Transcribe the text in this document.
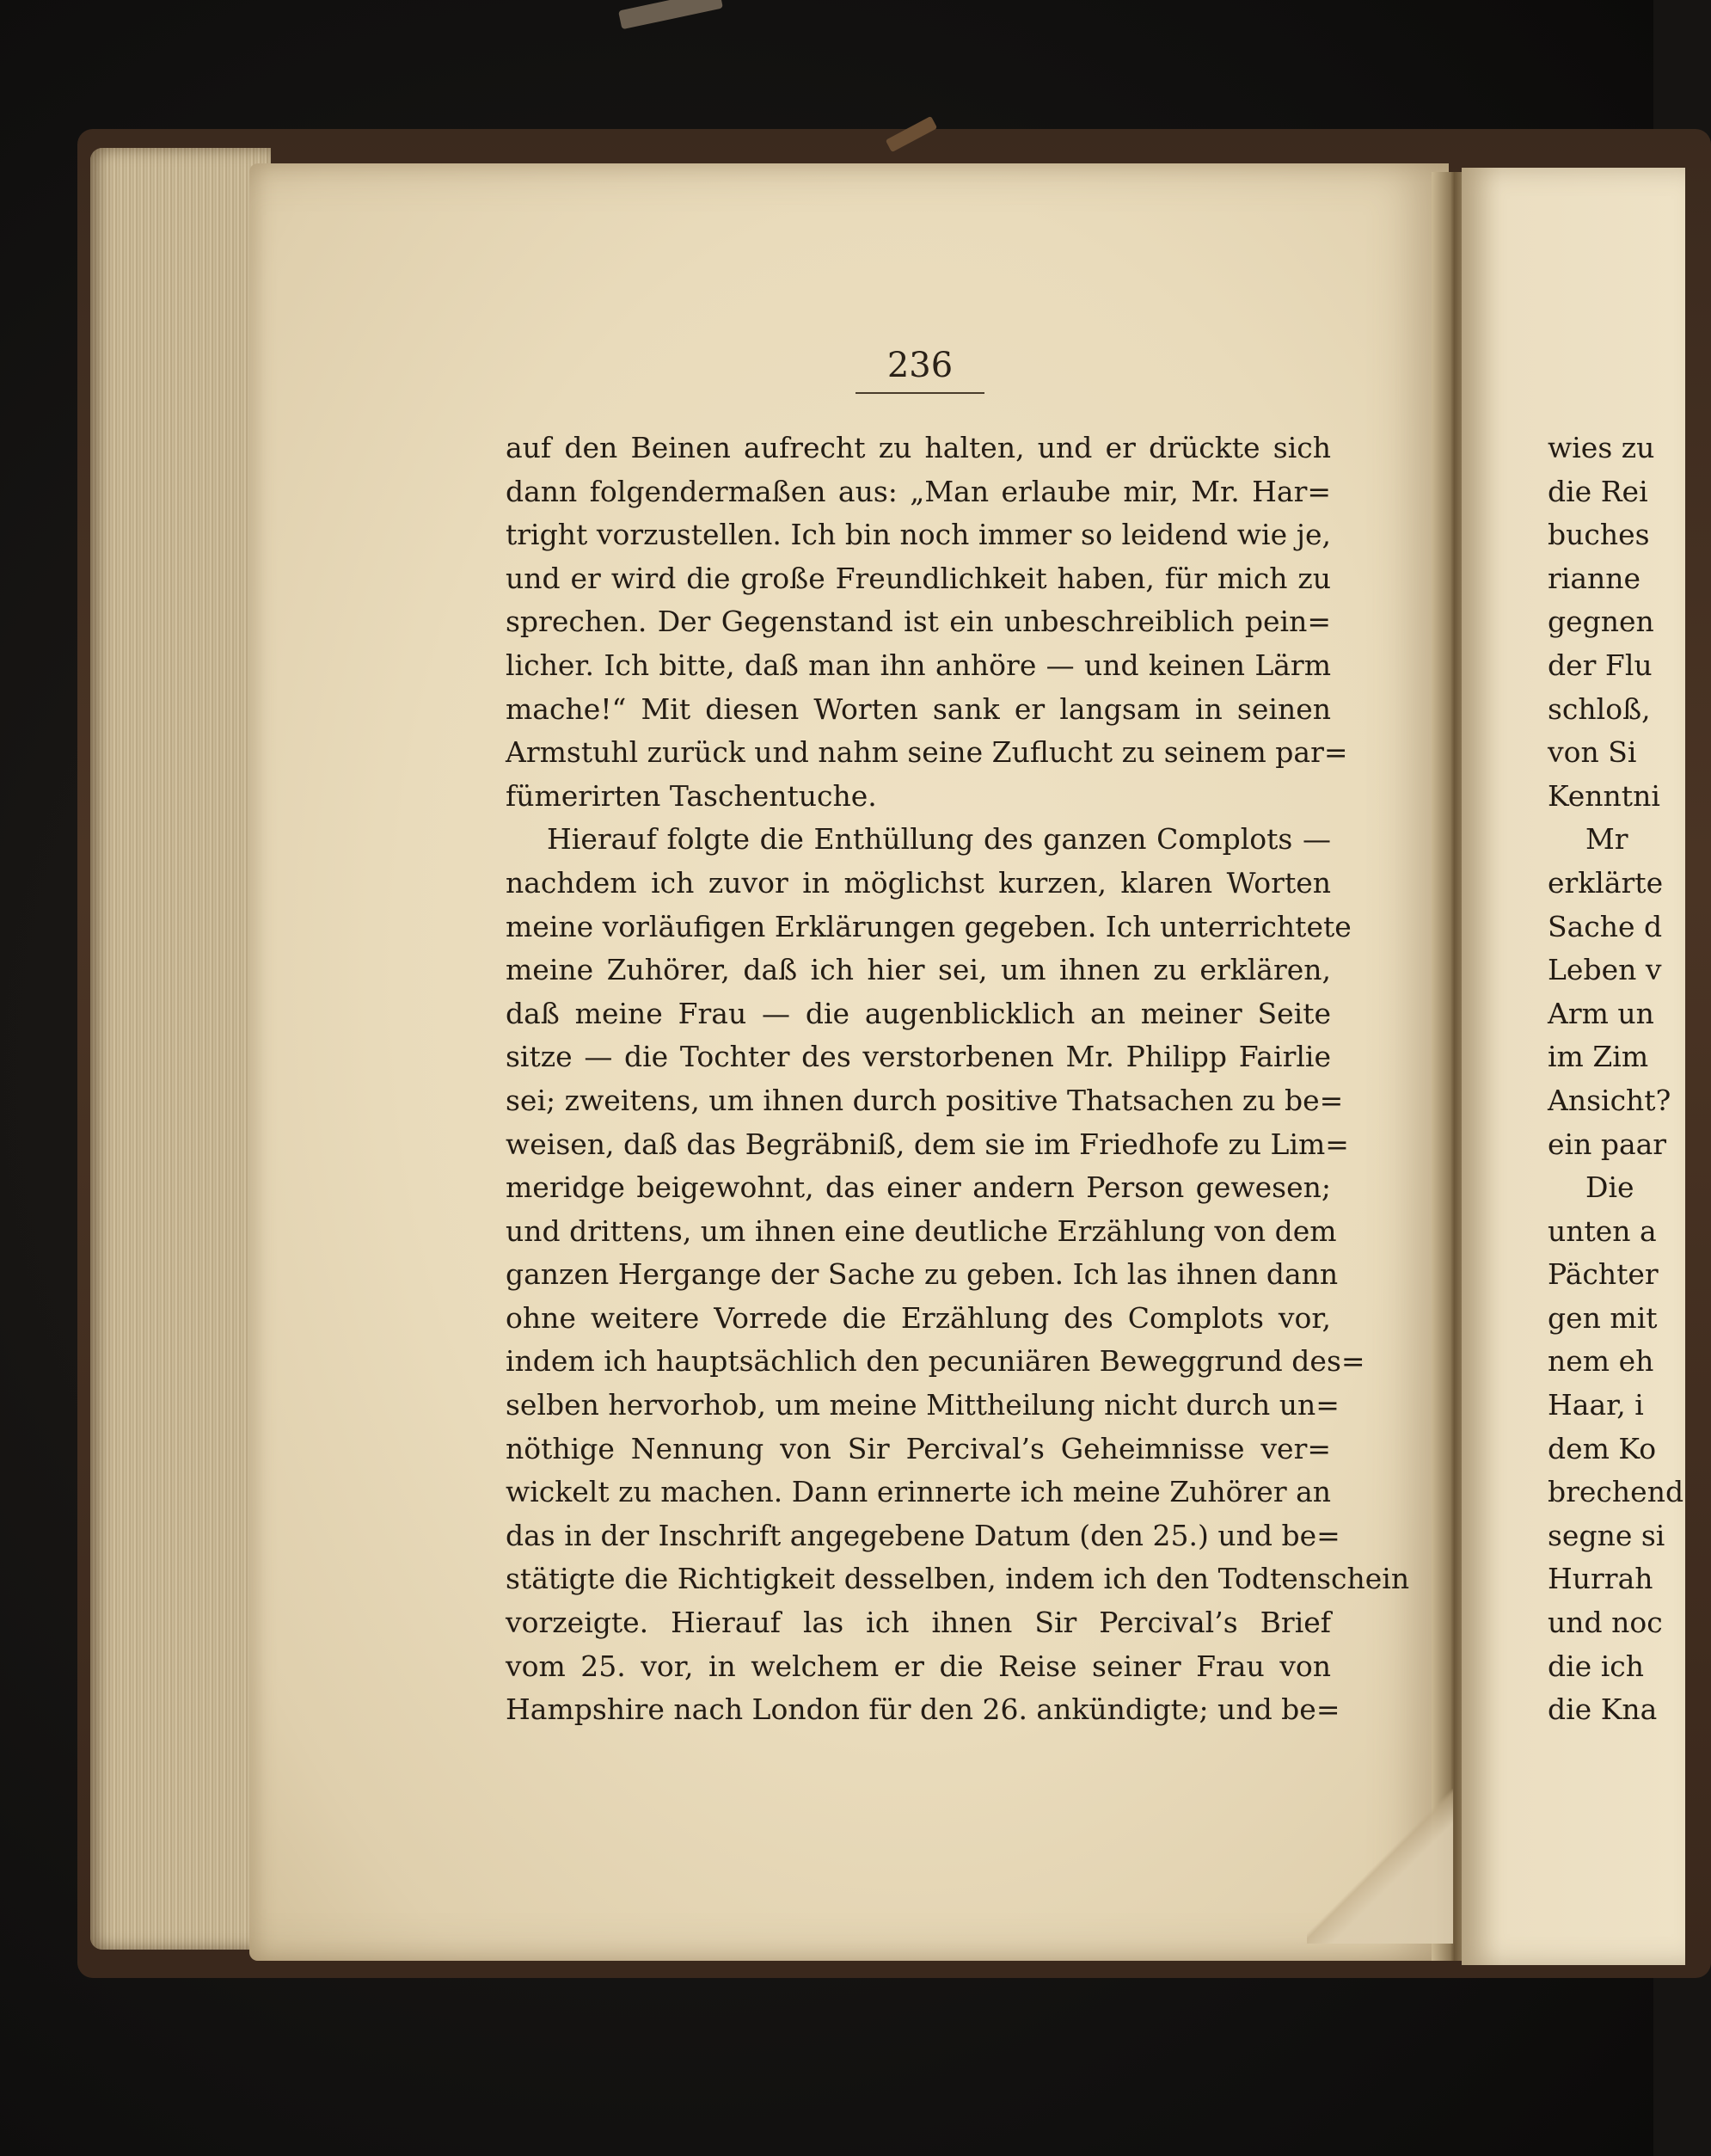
236
auf den Beinen aufrecht zu halten, und er drückte sich
dann folgendermaßen aus: „Man erlaube mir, Mr. Har=
tright vorzustellen. Ich bin noch immer so leidend wie je,
und er wird die große Freundlichkeit haben, für mich zu
sprechen. Der Gegenstand ist ein unbeschreiblich pein=
licher. Ich bitte, daß man ihn anhöre — und keinen Lärm
mache!“ Mit diesen Worten sank er langsam in seinen
Armstuhl zurück und nahm seine Zuflucht zu seinem par=
fümerirten Taschentuche.
Hierauf folgte die Enthüllung des ganzen Complots —
nachdem ich zuvor in möglichst kurzen, klaren Worten
meine vorläufigen Erklärungen gegeben. Ich unterrichtete
meine Zuhörer, daß ich hier sei, um ihnen zu erklären,
daß meine Frau — die augenblicklich an meiner Seite
sitze — die Tochter des verstorbenen Mr. Philipp Fairlie
sei; zweitens, um ihnen durch positive Thatsachen zu be=
weisen, daß das Begräbniß, dem sie im Friedhofe zu Lim=
meridge beigewohnt, das einer andern Person gewesen;
und drittens, um ihnen eine deutliche Erzählung von dem
ganzen Hergange der Sache zu geben. Ich las ihnen dann
ohne weitere Vorrede die Erzählung des Complots vor,
indem ich hauptsächlich den pecuniären Beweggrund des=
selben hervorhob, um meine Mittheilung nicht durch un=
nöthige Nennung von Sir Percival’s Geheimnisse ver=
wickelt zu machen. Dann erinnerte ich meine Zuhörer an
das in der Inschrift angegebene Datum (den 25.) und be=
stätigte die Richtigkeit desselben, indem ich den Todtenschein
vorzeigte. Hierauf las ich ihnen Sir Percival’s Brief
vom 25. vor, in welchem er die Reise seiner Frau von
Hampshire nach London für den 26. ankündigte; und be=
wies zu
die Rei
buches
rianne
gegnen
der Flu
schloß,
von Si
Kenntni
Mr
erklärte
Sache d
Leben v
Arm un
im Zim
Ansicht?
ein paar
Die
unten a
Pächter
gen mit
nem eh
Haar, i
dem Ko
brechend
segne si
Hurrah
und noc
die ich
die Kna
